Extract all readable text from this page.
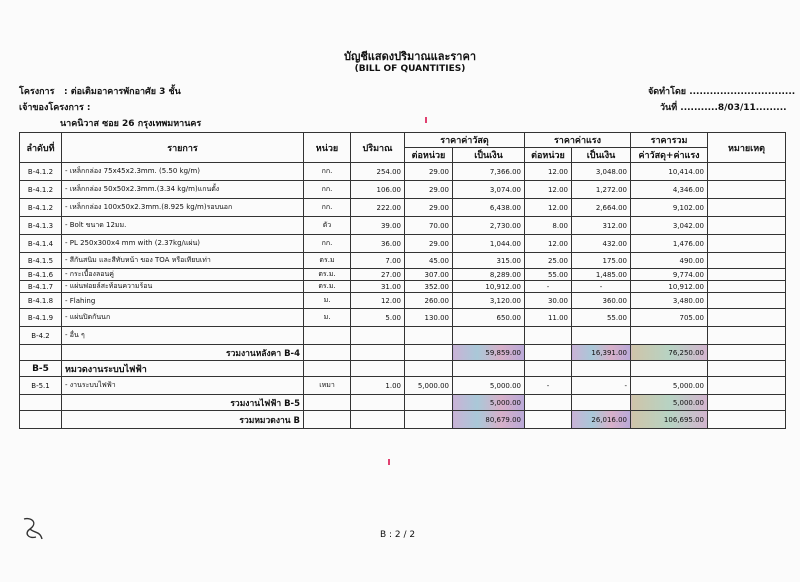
บัญชีแสดงปริมาณและราคา
(BILL OF QUANTITIES)
โครงการ : ต่อเติมอาคารพักอาศัย 3 ชั้น
เจ้าของโครงการ :
นาคนิวาส ซอย 26 กรุงเทพมหานคร
จัดทำโดย ...............................
วันที่ ...........8/03/11.........
ลำดับที่	รายการ	หน่วย	ปริมาณ	ราคาค่าวัสดุ		ราคาค่าแรง		ราคารวม	หมายเหตุ
				ต่อหน่วย	เป็นเงิน	ต่อหน่วย	เป็นเงิน	ค่าวัสดุ+ค่าแรง	
B-4.1.2	- เหล็กกล่อง 75x45x2.3mm. (5.50 kg/m)	กก.	254.00	29.00	7,366.00	12.00	3,048.00	10,414.00	
B-4.1.2	- เหล็กกล่อง 50x50x2.3mm.(3.34 kg/m)แกนตั้ง	กก.	106.00	29.00	3,074.00	12.00	1,272.00	4,346.00	
B-4.1.2	- เหล็กกล่อง 100x50x2.3mm.(8.925 kg/m)รอบนอก	กก.	222.00	29.00	6,438.00	12.00	2,664.00	9,102.00	
B-4.1.3	- Bolt ขนาด 12มม.	ตัว	39.00	70.00	2,730.00	8.00	312.00	3,042.00	
B-4.1.4	- PL 250x300x4 mm with (2.37kg/แผ่น)	กก.	36.00	29.00	1,044.00	12.00	432.00	1,476.00	
B-4.1.5	- สีกันสนิม และสีทับหน้า ของ TOA หรือเทียบเท่า	ตร.ม	7.00	45.00	315.00	25.00	175.00	490.00	
B-4.1.6	- กระเบื้องลอนคู่	ตร.ม.	27.00	307.00	8,289.00	55.00	1,485.00	9,774.00	
B-4.1.7	- แผ่นฟอยล์สะท้อนความร้อน	ตร.ม.	31.00	352.00	10,912.00	-	-	10,912.00	
B-4.1.8	- Flahing	ม.	12.00	260.00	3,120.00	30.00	360.00	3,480.00	
B-4.1.9	- แผ่นปิดกันนก	ม.	5.00	130.00	650.00	11.00	55.00	705.00	
B-4.2	- อื่น ๆ								
	รวมงานหลังคา B-4				59,859.00		16,391.00	76,250.00	
B-5	หมวดงานระบบไฟฟ้า								
B-5.1	- งานระบบไฟฟ้า	เหมา	1.00	5,000.00	5,000.00	-	-	5,000.00	
	รวมงานไฟฟ้า B-5				5,000.00			5,000.00	
	รวมหมวดงาน B				80,679.00		26,016.00	106,695.00	
B : 2 / 2
